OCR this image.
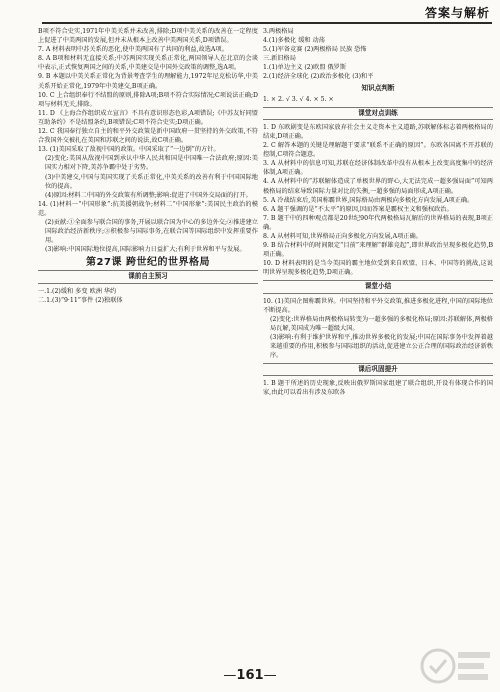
答案与解析

B项不符合史实,1971年中美关系并未改善,排除;D项中美关系的改善在一定程度上促进了中美两国的发展,但并未从根本上改善中美两国关系,D项错误。

7. A 材料表明中苏关系的恶化,使中美两国有了共同的利益,故选A项。

8. A B项和材料无直接关系;中苏两国实现关系正常化,两国领导人在北京的会谈中表示,正式恢复两国之间的关系,中美建交是中国外交政策的调整,选A项。

9. B 本题以中美关系正常化为背景考查学生的理解能力,1972年尼克松访华,中美关系开始正常化,1979年中美建交,B项正确。

10. C 上合组织奉行不结盟的原则,排除A项;B项不符合实际情况;C项说法正确;D项与材料无关,排除。

11. D 《上海合作组织成立宣言》不具有意识形态色彩,A项错误;《中苏友好同盟互助条约》不是结盟条约,B项错误;C项不符合史实;D项正确。

12. C 我国奉行独立自主的和平外交政策是新中国政府一贯坚持的外交政策,不符合我国外交被扎在美国和苏联之间的说法,故C项正确。

13. (1)美国采取了敌视中国的政策。中国采取了“一边倒”的方针。

(2)变化:美国从敌视中国到承认中华人民共和国是中国唯一合法政府;原因:美国实力相对下降,美苏争霸中处于劣势。

(3)中美建交,中国与美国实现了关系正常化,中美关系的改善有利于中国国际地位的提高。

(4)原因:材料二中国的外交政策有所调整;影响:促进了中国外交局面的打开。

14. (1)材料一“中国形象”:抗美援朝战争;材料二“中国形象”:美国民主政治的模范。

(2)贡献:①全面参与联合国的事务,开展以联合国为中心的多边外交;②推进建立国际政治经济新秩序;③积极参与国际事务,在联合国等国际组织中发挥重要作用。

(3)影响:中国国际地位提高,国际影响力日益扩大;有利于世界和平与发展。

第27课 跨世纪的世界格局
课前自主预习

一.1.(2)缓和 多变 欧洲 华约

二.1.(3)“9·11”事件 (2)独联体

3.两极格局

4.(1)多极化 缓和 动荡

5.(1)军备竞赛 (2)两极格局 民族 恐怖

三.新旧格局

1.(1)单边主义 (2)欧盟 俄罗斯

2.(1)经济全球化 (2)政治多极化 (3)和平

知识点判断

1. × 2. √ 3. √ 4. × 5. ×

课堂对点训练

1. D 东欧剧变是东欧国家放弃社会主义走资本主义道路,苏联解体标志着两极格局的结束,D项正确。

2. C 解答本题的关键是理解题干要求“联系不正确的原因”。东欧各国离不开苏联的控制,C项符合题意。

3. A 从材料中的信息可知,苏联在经济体制改革中没有从根本上改变高度集中的经济体制,A项正确。

4. A 从材料中的“苏联解体造成了单极世界的野心,大无法完成一超多强局面”可知两极格局的结束导致国际力量对比的失衡,一超多强的局面形成,A项正确。

5. A 冷战结束后,美国称霸世界,国际格局由两极向多极化方向发展,A项正确。

6. A 题干强调的是“不太平”的原因,因而答案是霸权主义和强权政治。

7. B 题干中的四种观点都是20世纪90年代两极格局瓦解后的世界格局的表现,B项正确。

8. A 从材料可知,世界格局正向多极化方向发展,A项正确。

9. B 结合材料中的时间限定“目前”来理解“群雄竞起”,即世界政治呈现多极化趋势,B项正确。

10. D 材料表明的是当今美国的霸主地位受到来自欧盟、日本、中国等的挑战,这说明世界呈现多极化趋势,D项正确。

课堂小结

10. (1)美国企图称霸世界。中国坚持和平外交政策,推进多极化进程,中国的国际地位不断提高。

(2)变化:世界格局由两极格局转变为一超多强的多极化格局;原因:苏联解体,两极格局瓦解,美国成为唯一超级大国。

(3)影响:有利于维护世界和平,推动世界多极化的发展;中国在国际事务中发挥着越来越重要的作用,积极参与国际组织的活动,促进建立公正合理的国际政治经济新秩序。

课后巩固提升

1. B 题干所述的历史现象,反映出俄罗斯国家组建了联合组织,开设有体现合作的国家,由此可以看出有涉及东欧各

—161—
